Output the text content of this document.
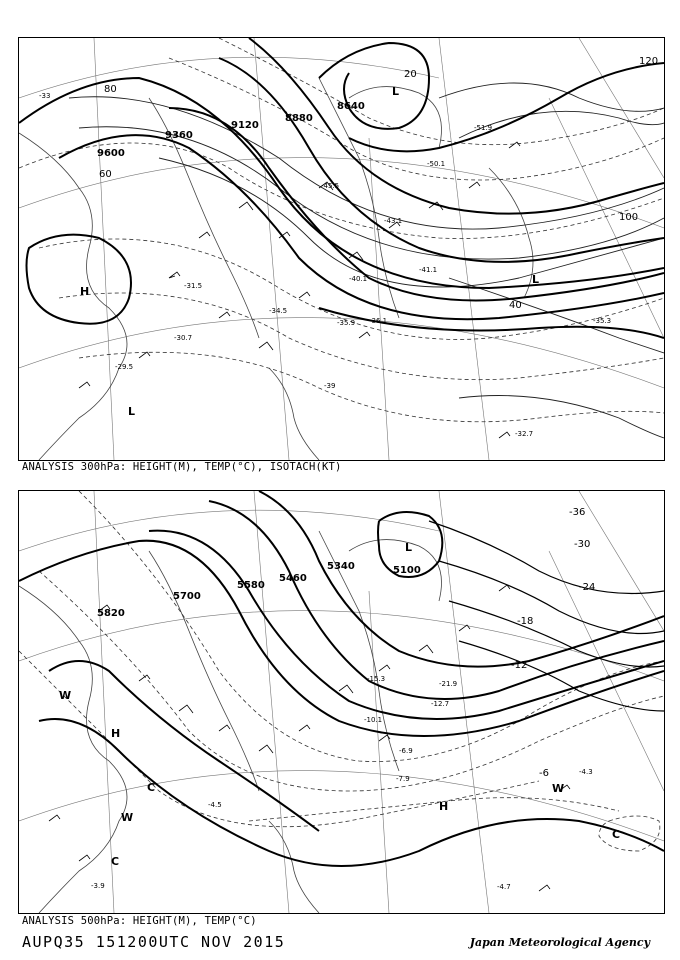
9600
9360
9120
8880
8640
20
40
60
80
100
120
-29.5
-30.7
-31.5
-33
-34.5
-35.9 -36.1
-39
-40.1
-41.1
-43.1
-45.5
-50.1
-51.9
-32.7
-35.3
L
H
L
L
ANALYSIS 300hPa: HEIGHT(M), TEMP(°C), ISOTACH(KT)
5820
5700
5580
5460
5340	5100
-6
-12
-18
-24
-30
-36
-6.9
-7.9
-4.3
-4.7
-3.9
-4.5
-15.3
-10.1
-12.7
-21.9
L
W
H
C
W
C
W
C
H
ANALYSIS 500hPa: HEIGHT(M), TEMP(°C)
AUPQ35 151200UTC NOV 2015	Japan Meteorological Agency
